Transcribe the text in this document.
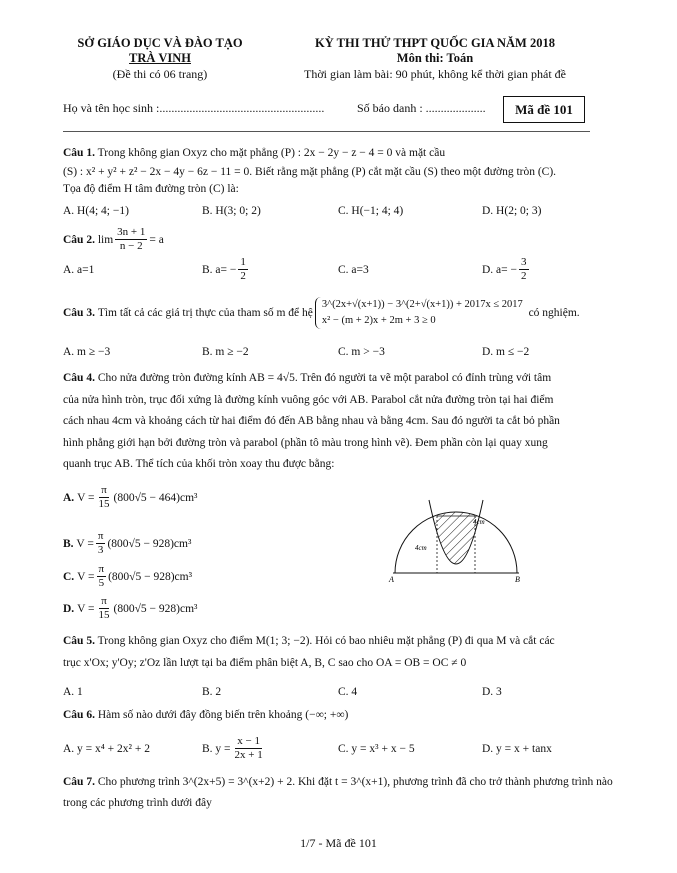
SỞ GIÁO DỤC VÀ ĐÀO TẠO
TRÀ VINH
(Đề thi có 06 trang)
KỲ THI THỬ THPT QUỐC GIA NĂM 2018
Môn thi: Toán
Thời gian làm bài: 90 phút, không kể thời gian phát đề
Họ và tên học sinh :.......................................................	Số báo danh : .................... Mã đề 101
Câu 1. Trong không gian Oxyz cho mặt phẳng (P) : 2x − 2y − z − 4 = 0 và mặt cầu
(S) : x² + y² + z² − 2x − 4y − 6z − 11 = 0. Biết rằng mặt phẳng (P) cắt mặt cầu (S) theo một đường tròn (C).
Tọa độ điểm H tâm đường tròn (C) là:
A. H(4; 4; −1)	B. H(3; 0; 2)	C. H(−1; 4; 4)	D. H(2; 0; 3)
Câu 2.
$\lim \frac{3n + 1}{n - 2} = a$
A. a=1	B. $a= - \frac{1}{2}$	C. a=3	D. $a= - \frac{3}{2}$
Câu 3.
Tìm tất cả các giá trị thực của tham số m để hệ
3^(2x+√(x+1)) − 3^(2+√(x+1)) + 2017x ≤ 2017
x² − (m + 2)x + 2m + 3 ≥ 0

có nghiệm.
A. m ≥ −3	B. m ≥ −2	C. m > −3	D. m ≤ −2
Câu 4. Cho nửa đường tròn đường kính AB = 4√5. Trên đó người ta vẽ một parabol có đỉnh trùng với tâm
của nửa hình tròn, trục đối xứng là đường kính vuông góc với AB. Parabol cắt nửa đường tròn tại hai điểm
cách nhau 4cm và khoảng cách từ hai điểm đó đến AB bằng nhau và bằng 4cm. Sau đó người ta cắt bỏ phần
hình phẳng giới hạn bởi đường tròn và parabol (phần tô màu trong hình vẽ). Đem phần còn lại quay xung
quanh trục AB. Thể tích của khối tròn xoay thu được bằng:
A.
$V = \frac{\pi}{15} (800√5 - 464)cm^3$
B.
$V = \frac{\pi}{3} (800√5 - 928)cm^3$
C.
$V = \frac{\pi}{5} (800√5 - 928)cm^3$
D.
$V = \frac{\pi}{15} (800√5 - 928)cm^3$
A	B
4cm
4cm
Câu 5. Trong không gian Oxyz cho điểm M(1; 3; −2). Hỏi có bao nhiêu mặt phẳng (P) đi qua M và cắt các
trục x'Ox; y'Oy; z'Oz lần lượt tại ba điểm phân biệt A, B, C sao cho OA = OB = OC ≠ 0
A. 1	B. 2	C. 4	D. 3
Câu 6. Hàm số nào dưới đây đồng biến trên khoảng (−∞; +∞)
A. y = x⁴ + 2x² + 2	B. $y = \frac{x - 1}{2x + 1}$	C. y = x³ + x − 5	D. y = x + tanx
Câu 7. Cho phương trình 3^(2x+5) = 3^(x+2) + 2. Khi đặt t = 3^(x+1), phương trình đã cho trở thành phương trình nào
trong các phương trình dưới đây
1/7 - Mã đề 101
